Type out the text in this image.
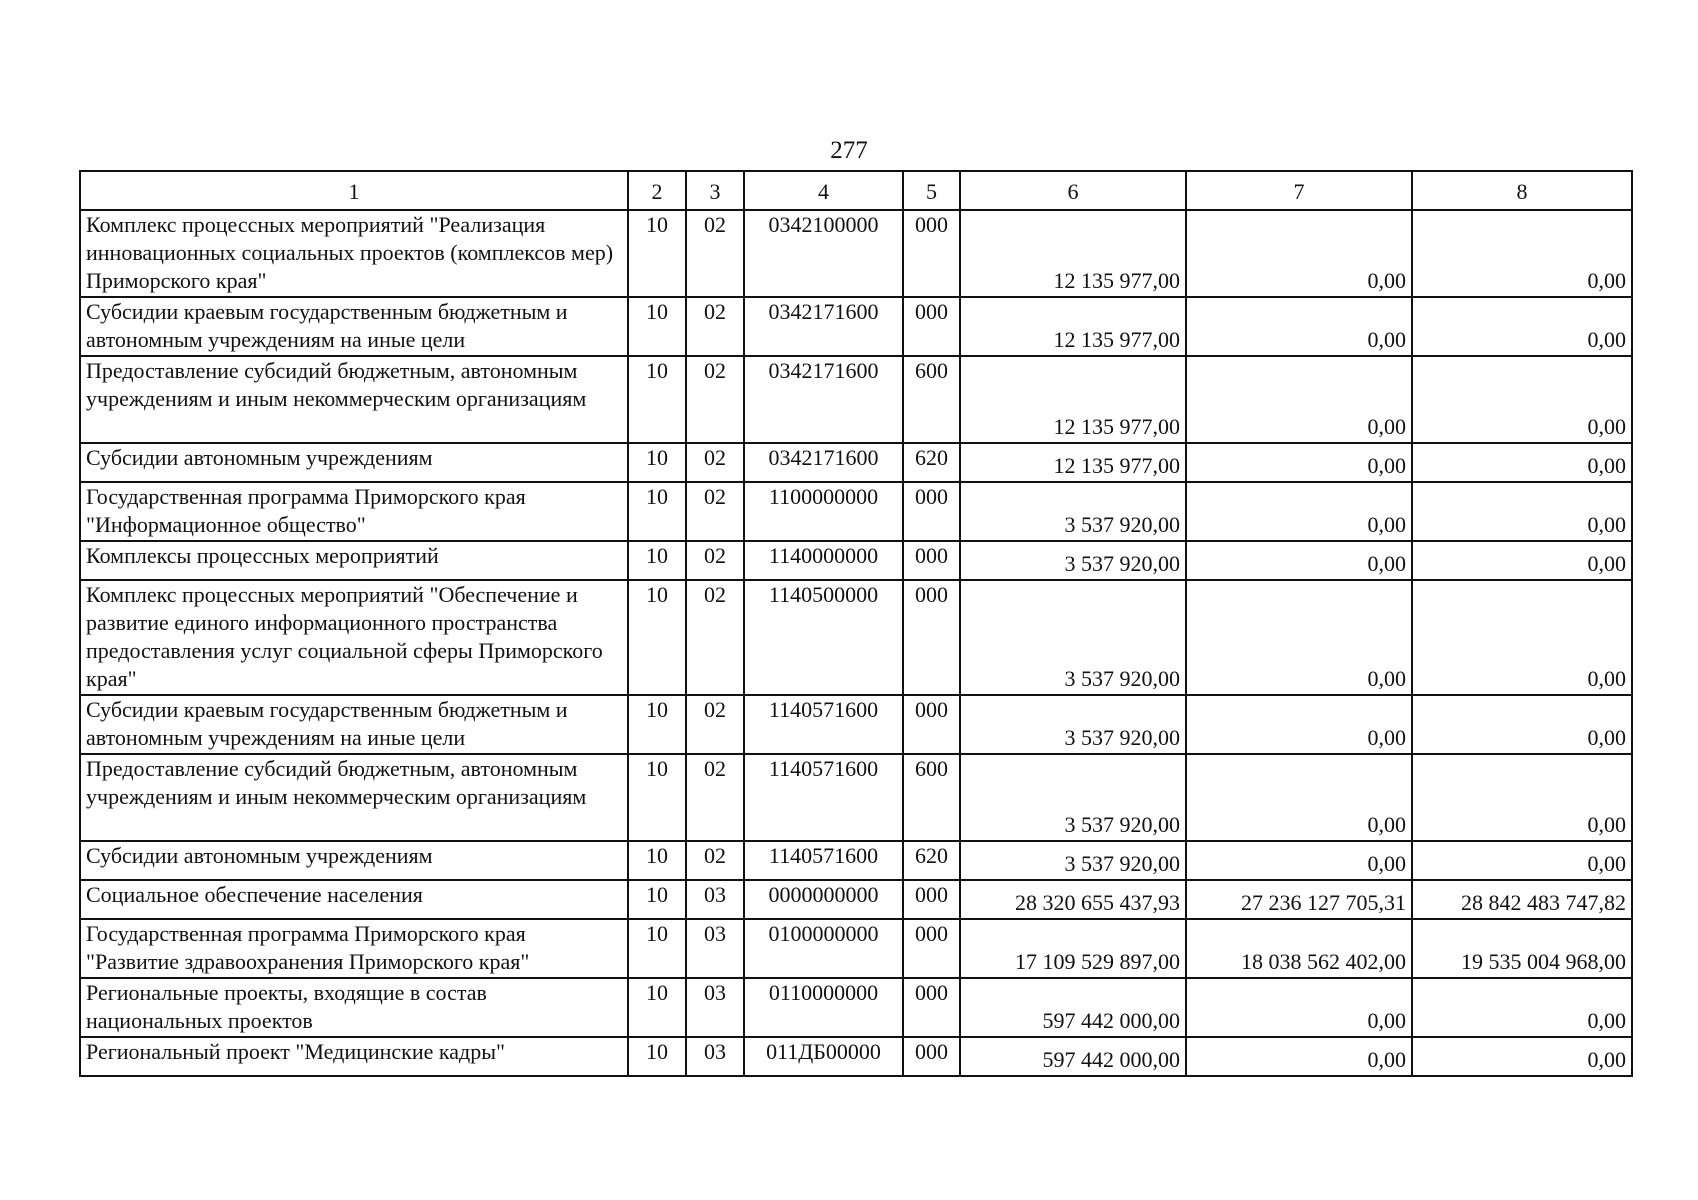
277
1	2	3	4	5	6	7	8
Комплекс процессных мероприятий "Реализация инновационных социальных проектов (комплексов мер) Приморского края"	10	02	0342100000	000	12 135 977,00	0,00	0,00
Субсидии краевым государственным бюджетным и автономным учреждениям на иные цели	10	02	0342171600	000	12 135 977,00	0,00	0,00
Предоставление субсидий бюджетным, автономным учреждениям и иным некоммерческим организациям	10	02	0342171600	600	12 135 977,00	0,00	0,00
Субсидии автономным учреждениям	10	02	0342171600	620	12 135 977,00	0,00	0,00
Государственная программа Приморского края "Информационное общество"	10	02	1100000000	000	3 537 920,00	0,00	0,00
Комплексы процессных мероприятий	10	02	1140000000	000	3 537 920,00	0,00	0,00
Комплекс процессных мероприятий "Обеспечение и развитие единого информационного пространства предоставления услуг социальной сферы Приморского края"	10	02	1140500000	000	3 537 920,00	0,00	0,00
Субсидии краевым государственным бюджетным и автономным учреждениям на иные цели	10	02	1140571600	000	3 537 920,00	0,00	0,00
Предоставление субсидий бюджетным, автономным учреждениям и иным некоммерческим организациям	10	02	1140571600	600	3 537 920,00	0,00	0,00
Субсидии автономным учреждениям	10	02	1140571600	620	3 537 920,00	0,00	0,00
Социальное обеспечение населения	10	03	0000000000	000	28 320 655 437,93	27 236 127 705,31	28 842 483 747,82
Государственная программа Приморского края "Развитие здравоохранения Приморского края"	10	03	0100000000	000	17 109 529 897,00	18 038 562 402,00	19 535 004 968,00
Региональные проекты, входящие в состав национальных проектов	10	03	0110000000	000	597 442 000,00	0,00	0,00
Региональный проект "Медицинские кадры"	10	03	011ДБ00000	000	597 442 000,00	0,00	0,00
